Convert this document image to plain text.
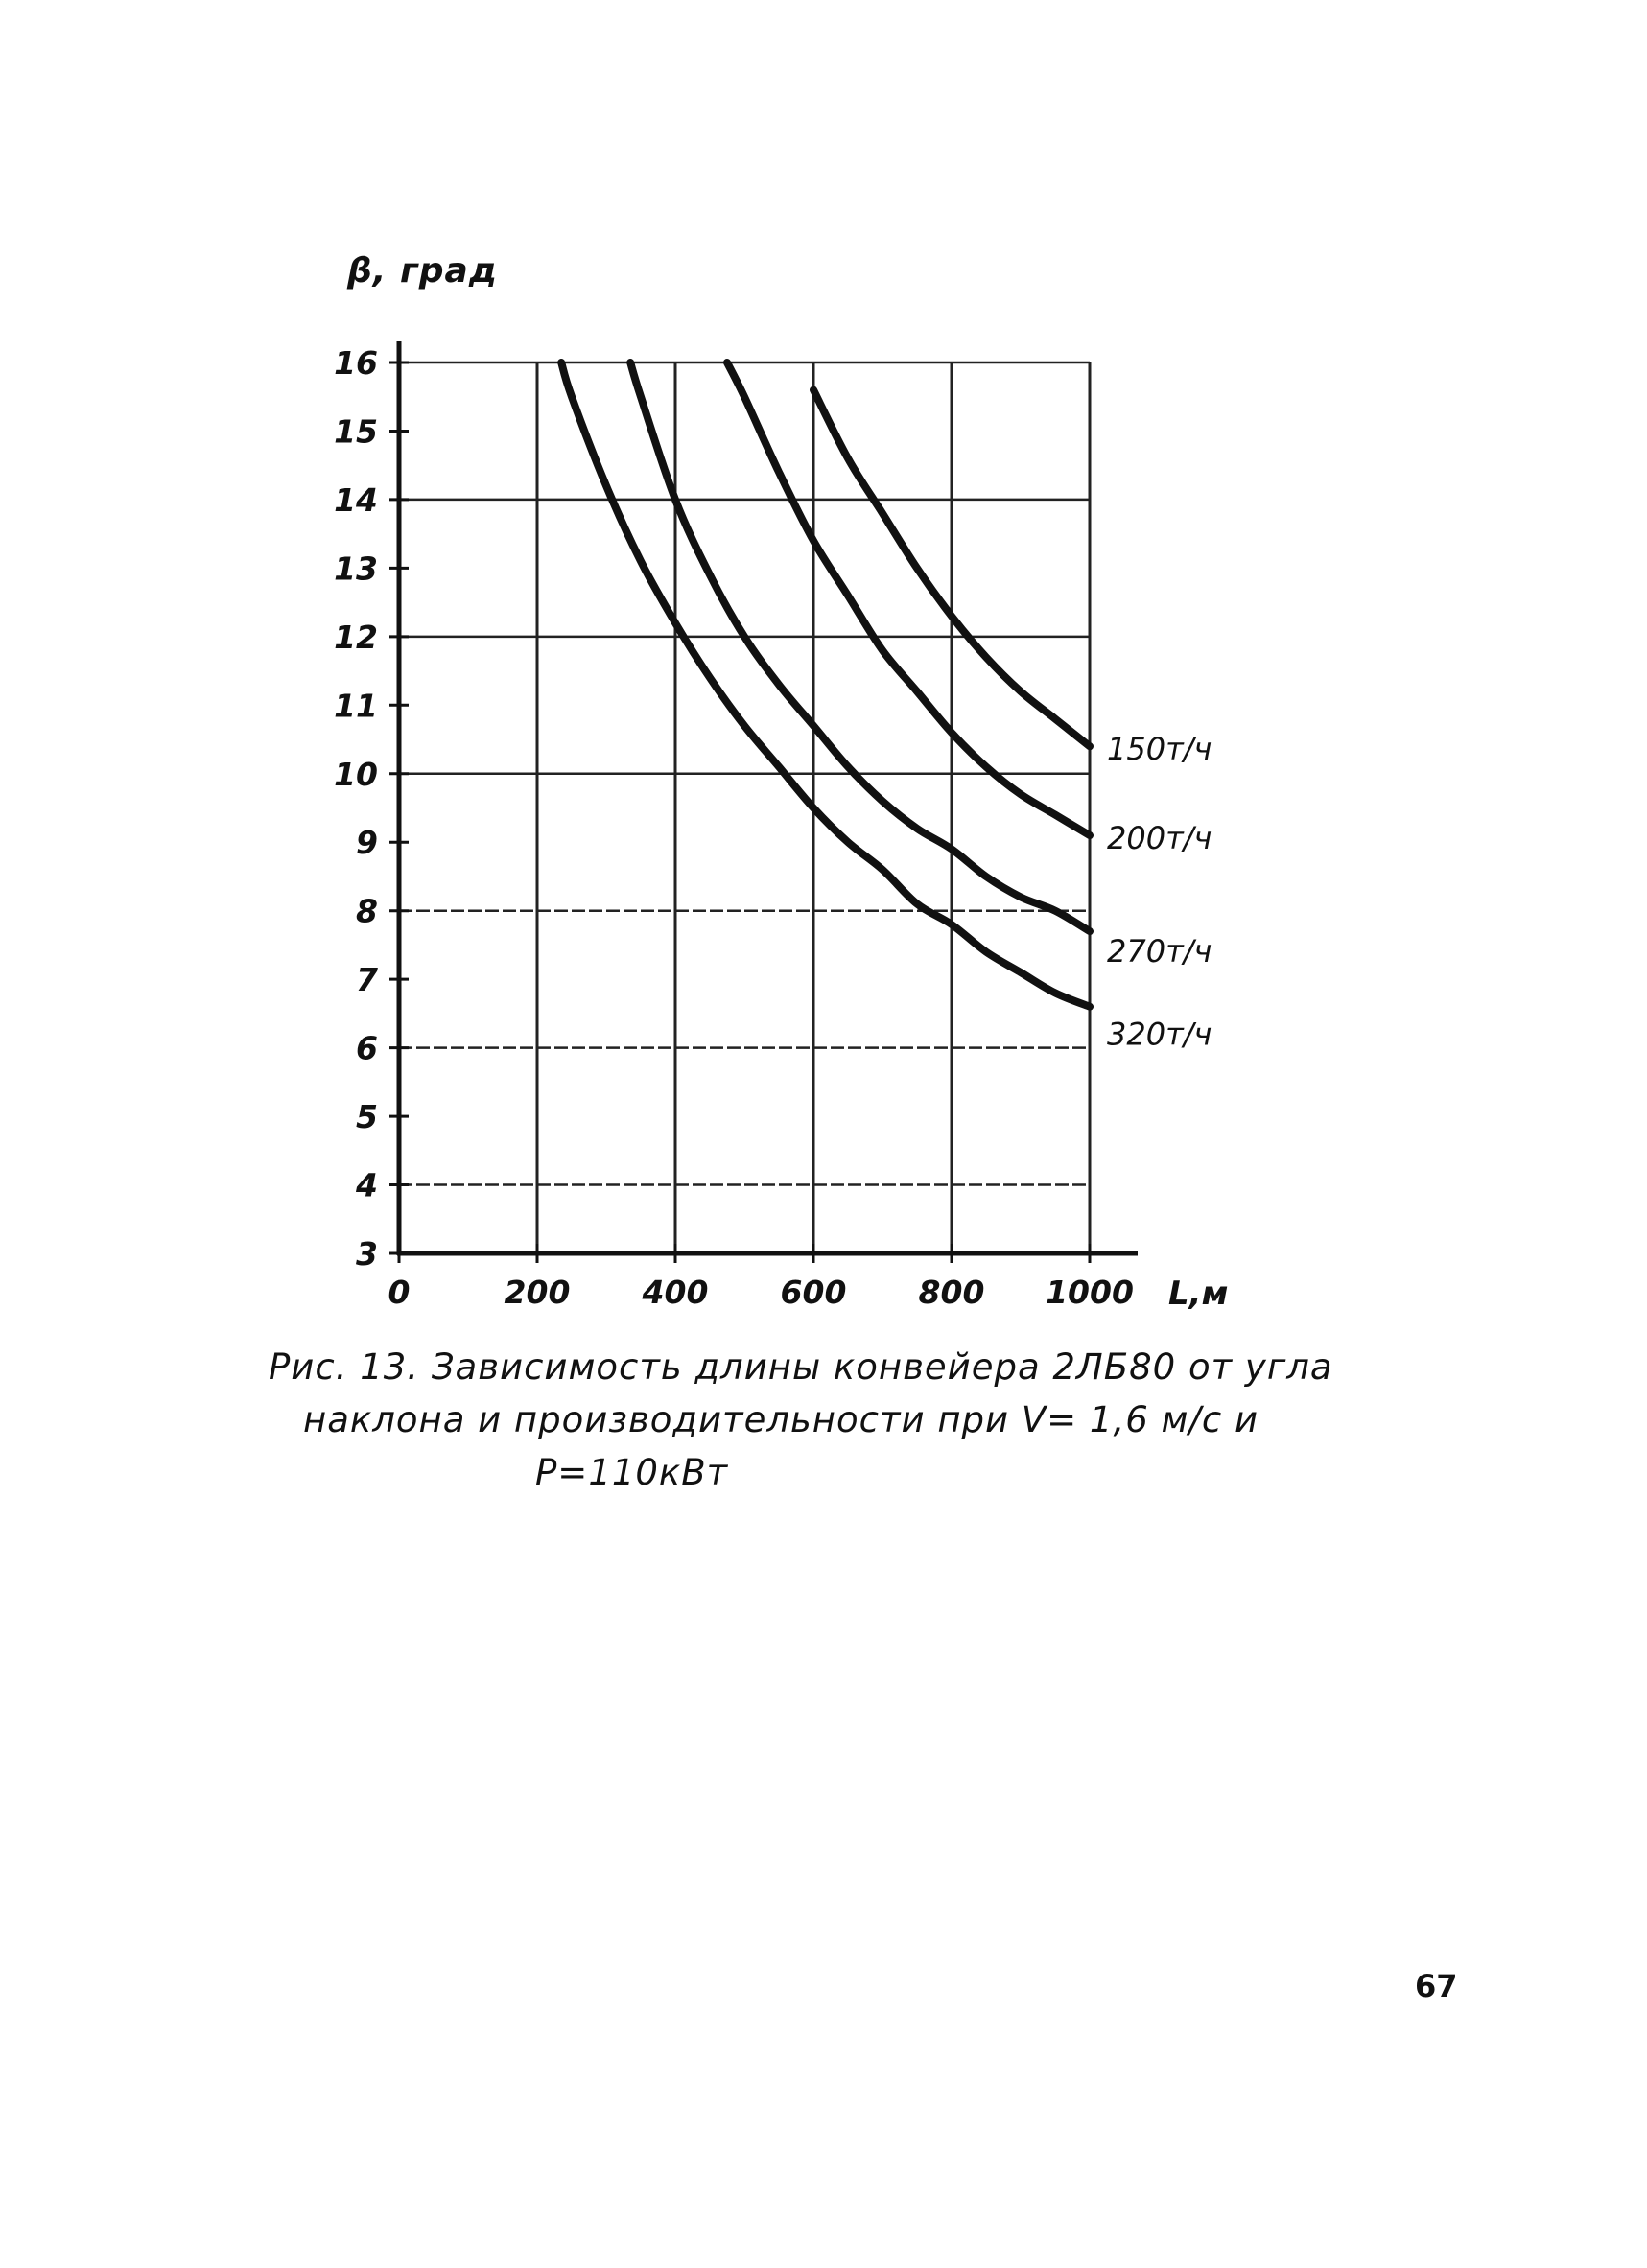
β, град
0	200 400 600 800 1000
3
4
5
6
7
8
9
10
11
12
13
14
15
16
150т/ч
200т/ч
270т/ч
320т/ч
L,м
Рис. 13. Зависимость длины конвейера 2ЛБ80 от угла
наклона и производительности при V= 1,6 м/с и
Р=110кВт
67
